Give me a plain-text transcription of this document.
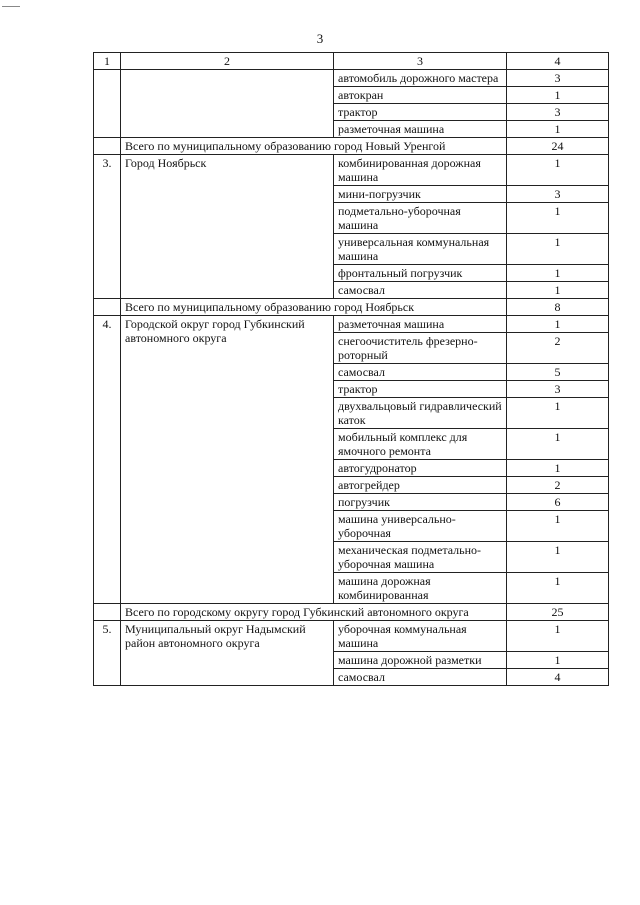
3
1	2	3	4
		автомобиль дорожного мастера	3
		автокран	1
		трактор	3
		разметочная машина	1
	Всего по муниципальному образованию город Новый Уренгой		24
3.	Город Ноябрьск	комбинированная дорожная машина	1
		мини-погрузчик	3
		подметально-уборочная машина	1
		универсальная коммунальная машина	1
		фронтальный погрузчик	1
		самосвал	1
	Всего по муниципальному образованию город Ноябрьск		8
4.	Городской округ город Губкинский автономного округа	разметочная машина	1
		снегоочиститель фрезерно-роторный	2
		самосвал	5
		трактор	3
		двухвальцовый гидравлический каток	1
		мобильный комплекс для ямочного ремонта	1
		автогудронатор	1
		автогрейдер	2
		погрузчик	6
		машина универсально-уборочная	1
		механическая подметально-уборочная машина	1
		машина дорожная комбинированная	1
	Всего по городскому округу город Губкинский автономного округа		25
5.	Муниципальный округ Надымский район автономного округа	уборочная коммунальная машина	1
		машина дорожной разметки	1
		самосвал	4
